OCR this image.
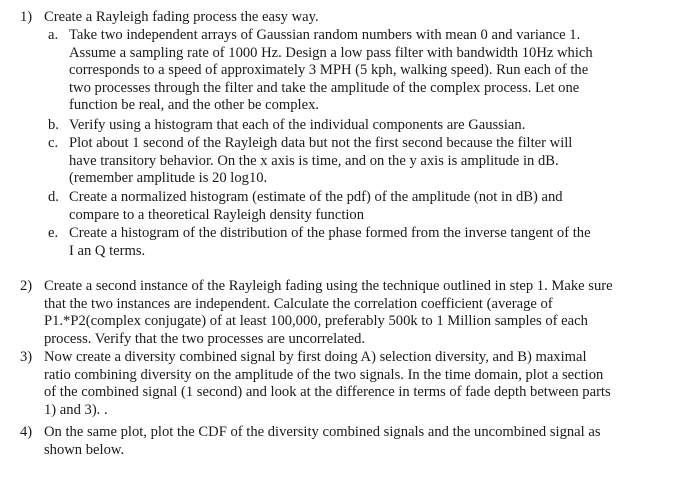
1) Create a Rayleigh fading process the easy way.
a. Take two independent arrays of Gaussian random numbers with mean 0 and variance 1.
Assume a sampling rate of 1000 Hz. Design a low pass filter with bandwidth 10Hz which
corresponds to a speed of approximately 3 MPH (5 kph, walking speed). Run each of the
two processes through the filter and take the amplitude of the complex process. Let one
function be real, and the other be complex.
b. Verify using a histogram that each of the individual components are Gaussian.
c. Plot about 1 second of the Rayleigh data but not the first second because the filter will
have transitory behavior. On the x axis is time, and on the y axis is amplitude in dB.
(remember amplitude is 20 log10.
d. Create a normalized histogram (estimate of the pdf) of the amplitude (not in dB) and
compare to a theoretical Rayleigh density function
e. Create a histogram of the distribution of the phase formed from the inverse tangent of the
I an Q terms.
2) Create a second instance of the Rayleigh fading using the technique outlined in step 1. Make sure
that the two instances are independent. Calculate the correlation coefficient (average of
P1.*P2(complex conjugate) of at least 100,000, preferably 500k to 1 Million samples of each
process. Verify that the two processes are uncorrelated.
3) Now create a diversity combined signal by first doing A) selection diversity, and B) maximal
ratio combining diversity on the amplitude of the two signals. In the time domain, plot a section
of the combined signal (1 second) and look at the difference in terms of fade depth between parts
1) and 3). .
4) On the same plot, plot the CDF of the diversity combined signals and the uncombined signal as
shown below.
